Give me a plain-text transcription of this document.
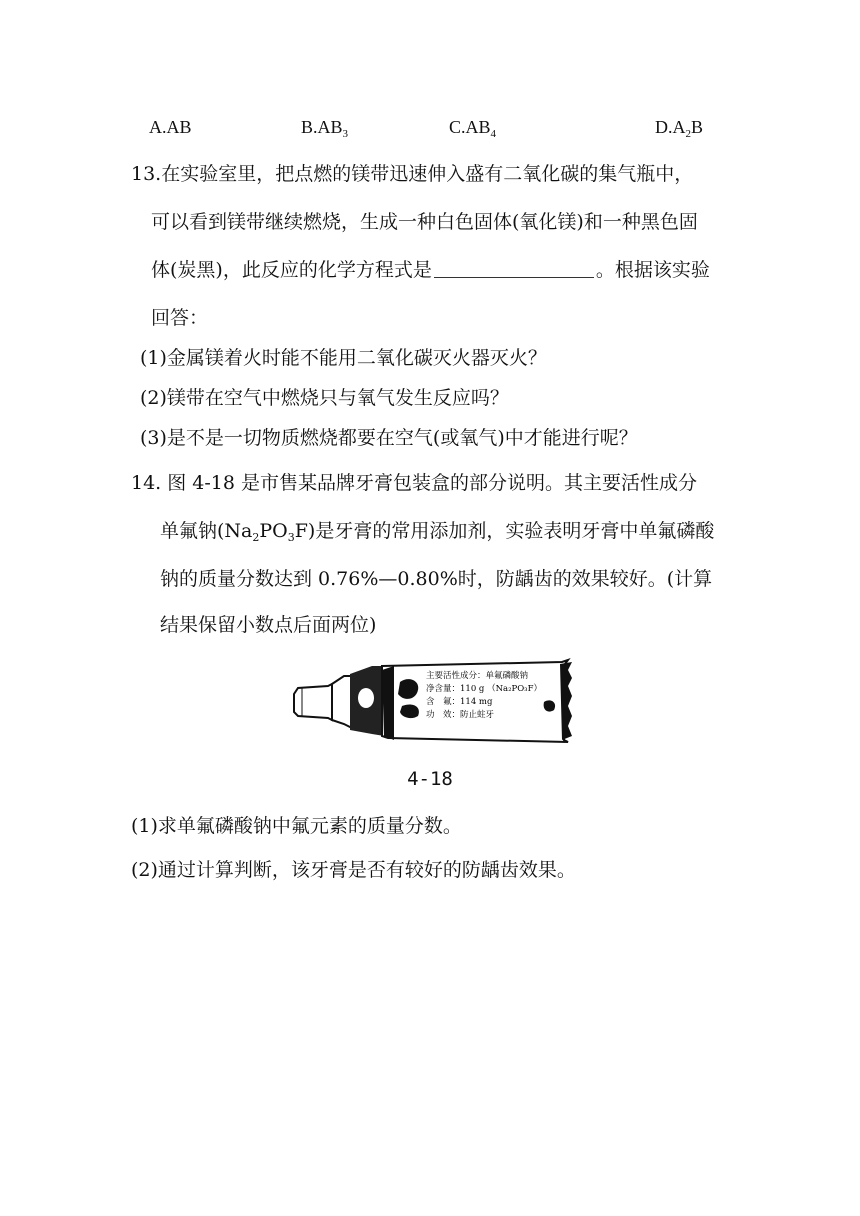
A.AB	$B.AB_3$	$C.AB_4$	$D.A_2B$
13.在实验室里，把点燃的镁带迅速伸入盛有二氧化碳的集气瓶中，
可以看到镁带继续燃烧，生成一种白色固体(氧化镁)和一种黑色固
体(炭黑)，此反应的化学方程式是	。根据该实验
回答：
(1)金属镁着火时能不能用二氧化碳灭火器灭火？
(2)镁带在空气中燃烧只与氧气发生反应吗？
(3)是不是一切物质燃烧都要在空气(或氧气)中才能进行呢？
14. 图 4-18 是市售某品牌牙膏包装盒的部分说明。其主要活性成分
单氟钠$(Na_2PO_3F)$是牙膏的常用添加剂，实验表明牙膏中单氟磷酸
钠的质量分数达到 0.76%—0.80%时，防龋齿的效果较好。(计算
结果保留小数点后面两位)
主要活性成分：单氟磷酸钠
净含量：110 g （Na₂PO₃F）
含　氟：114 mg
功　效：防止蛀牙
4-18
(1)求单氟磷酸钠中氟元素的质量分数。
(2)通过计算判断，该牙膏是否有较好的防龋齿效果。
